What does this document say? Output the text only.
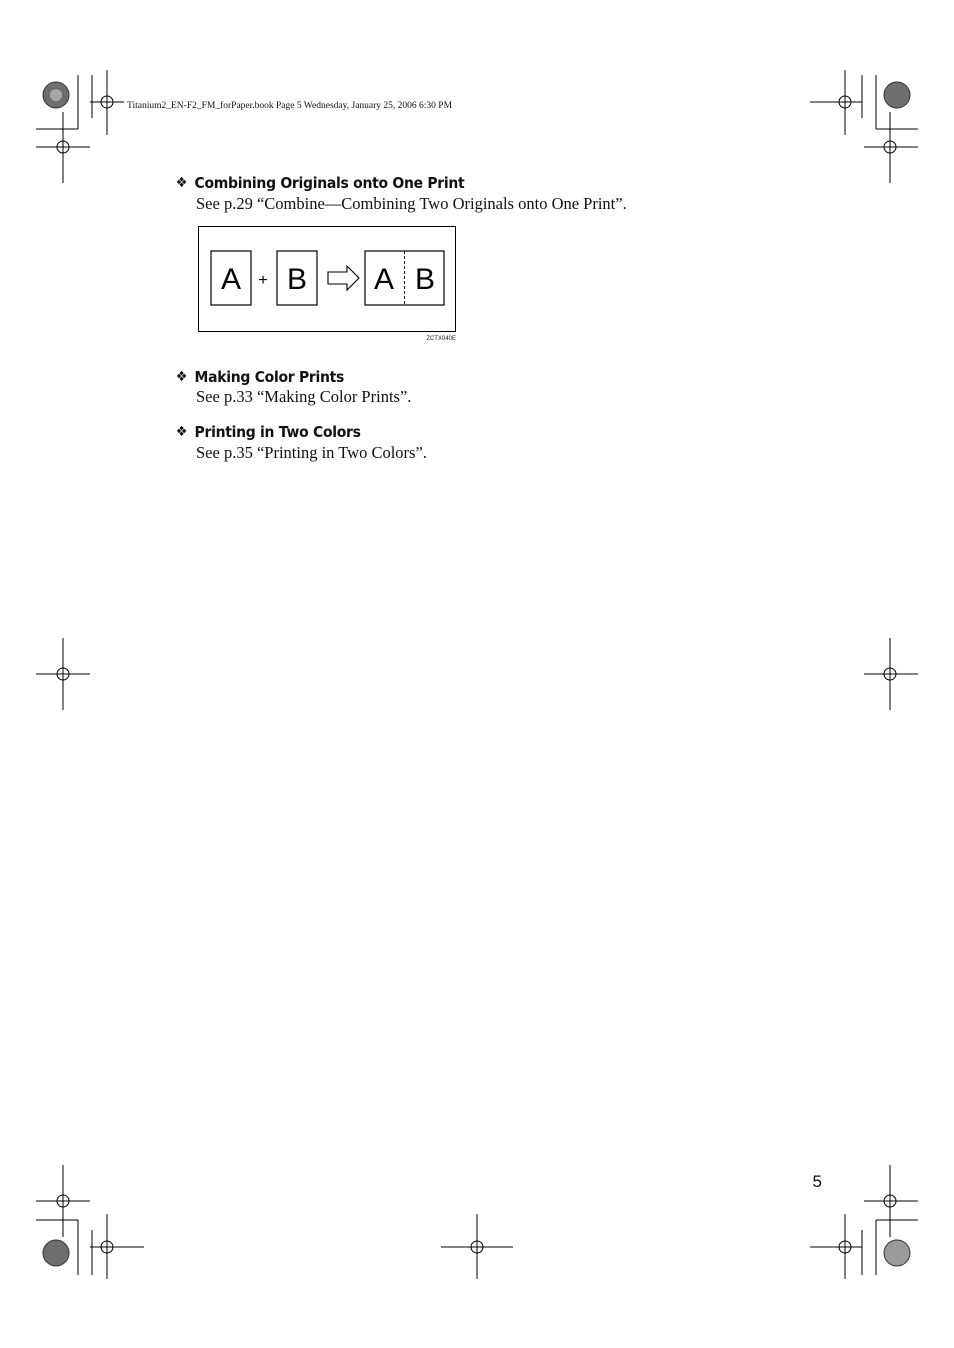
Titanium2_EN-F2_FM_forPaper.book Page 5 Wednesday, January 25, 2006 6:30 PM
❖ Combining Originals onto One Print
See p.29 “Combine—Combining Two Originals onto One Print”.
A + B A B
ZCTX040E
❖ Making Color Prints
See p.33 “Making Color Prints”.
❖ Printing in Two Colors
See p.35 “Printing in Two Colors”.
5
